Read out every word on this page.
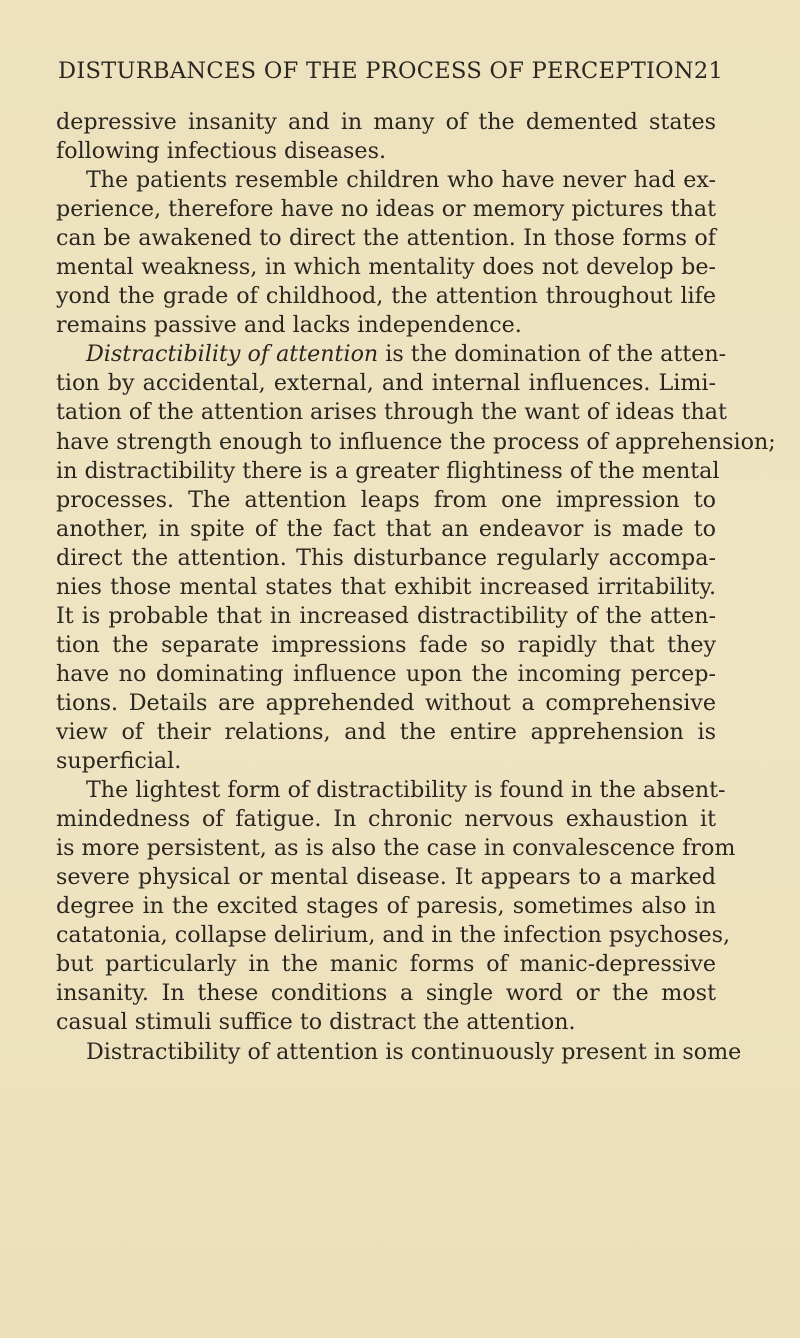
DISTURBANCES OF THE PROCESS OF PERCEPTION 21
depressive insanity and in many of the demented states
following infectious diseases.
The patients resemble children who have never had ex-
perience, therefore have no ideas or memory pictures that
can be awakened to direct the attention. In those forms of
mental weakness, in which mentality does not develop be-
yond the grade of childhood, the attention throughout life
remains passive and lacks independence.
Distractibility of attention is the domination of the atten-
tion by accidental, external, and internal influences. Limi-
tation of the attention arises through the want of ideas that
have strength enough to influence the process of apprehension;
in distractibility there is a greater flightiness of the mental
processes. The attention leaps from one impression to
another, in spite of the fact that an endeavor is made to
direct the attention. This disturbance regularly accompa-
nies those mental states that exhibit increased irritability.
It is probable that in increased distractibility of the atten-
tion the separate impressions fade so rapidly that they
have no dominating influence upon the incoming percep-
tions. Details are apprehended without a comprehensive
view of their relations, and the entire apprehension is
superficial.
The lightest form of distractibility is found in the absent-
mindedness of fatigue. In chronic nervous exhaustion it
is more persistent, as is also the case in convalescence from
severe physical or mental disease. It appears to a marked
degree in the excited stages of paresis, sometimes also in
catatonia, collapse delirium, and in the infection psychoses,
but particularly in the manic forms of manic-depressive
insanity. In these conditions a single word or the most
casual stimuli suffice to distract the attention.
Distractibility of attention is continuously present in some
